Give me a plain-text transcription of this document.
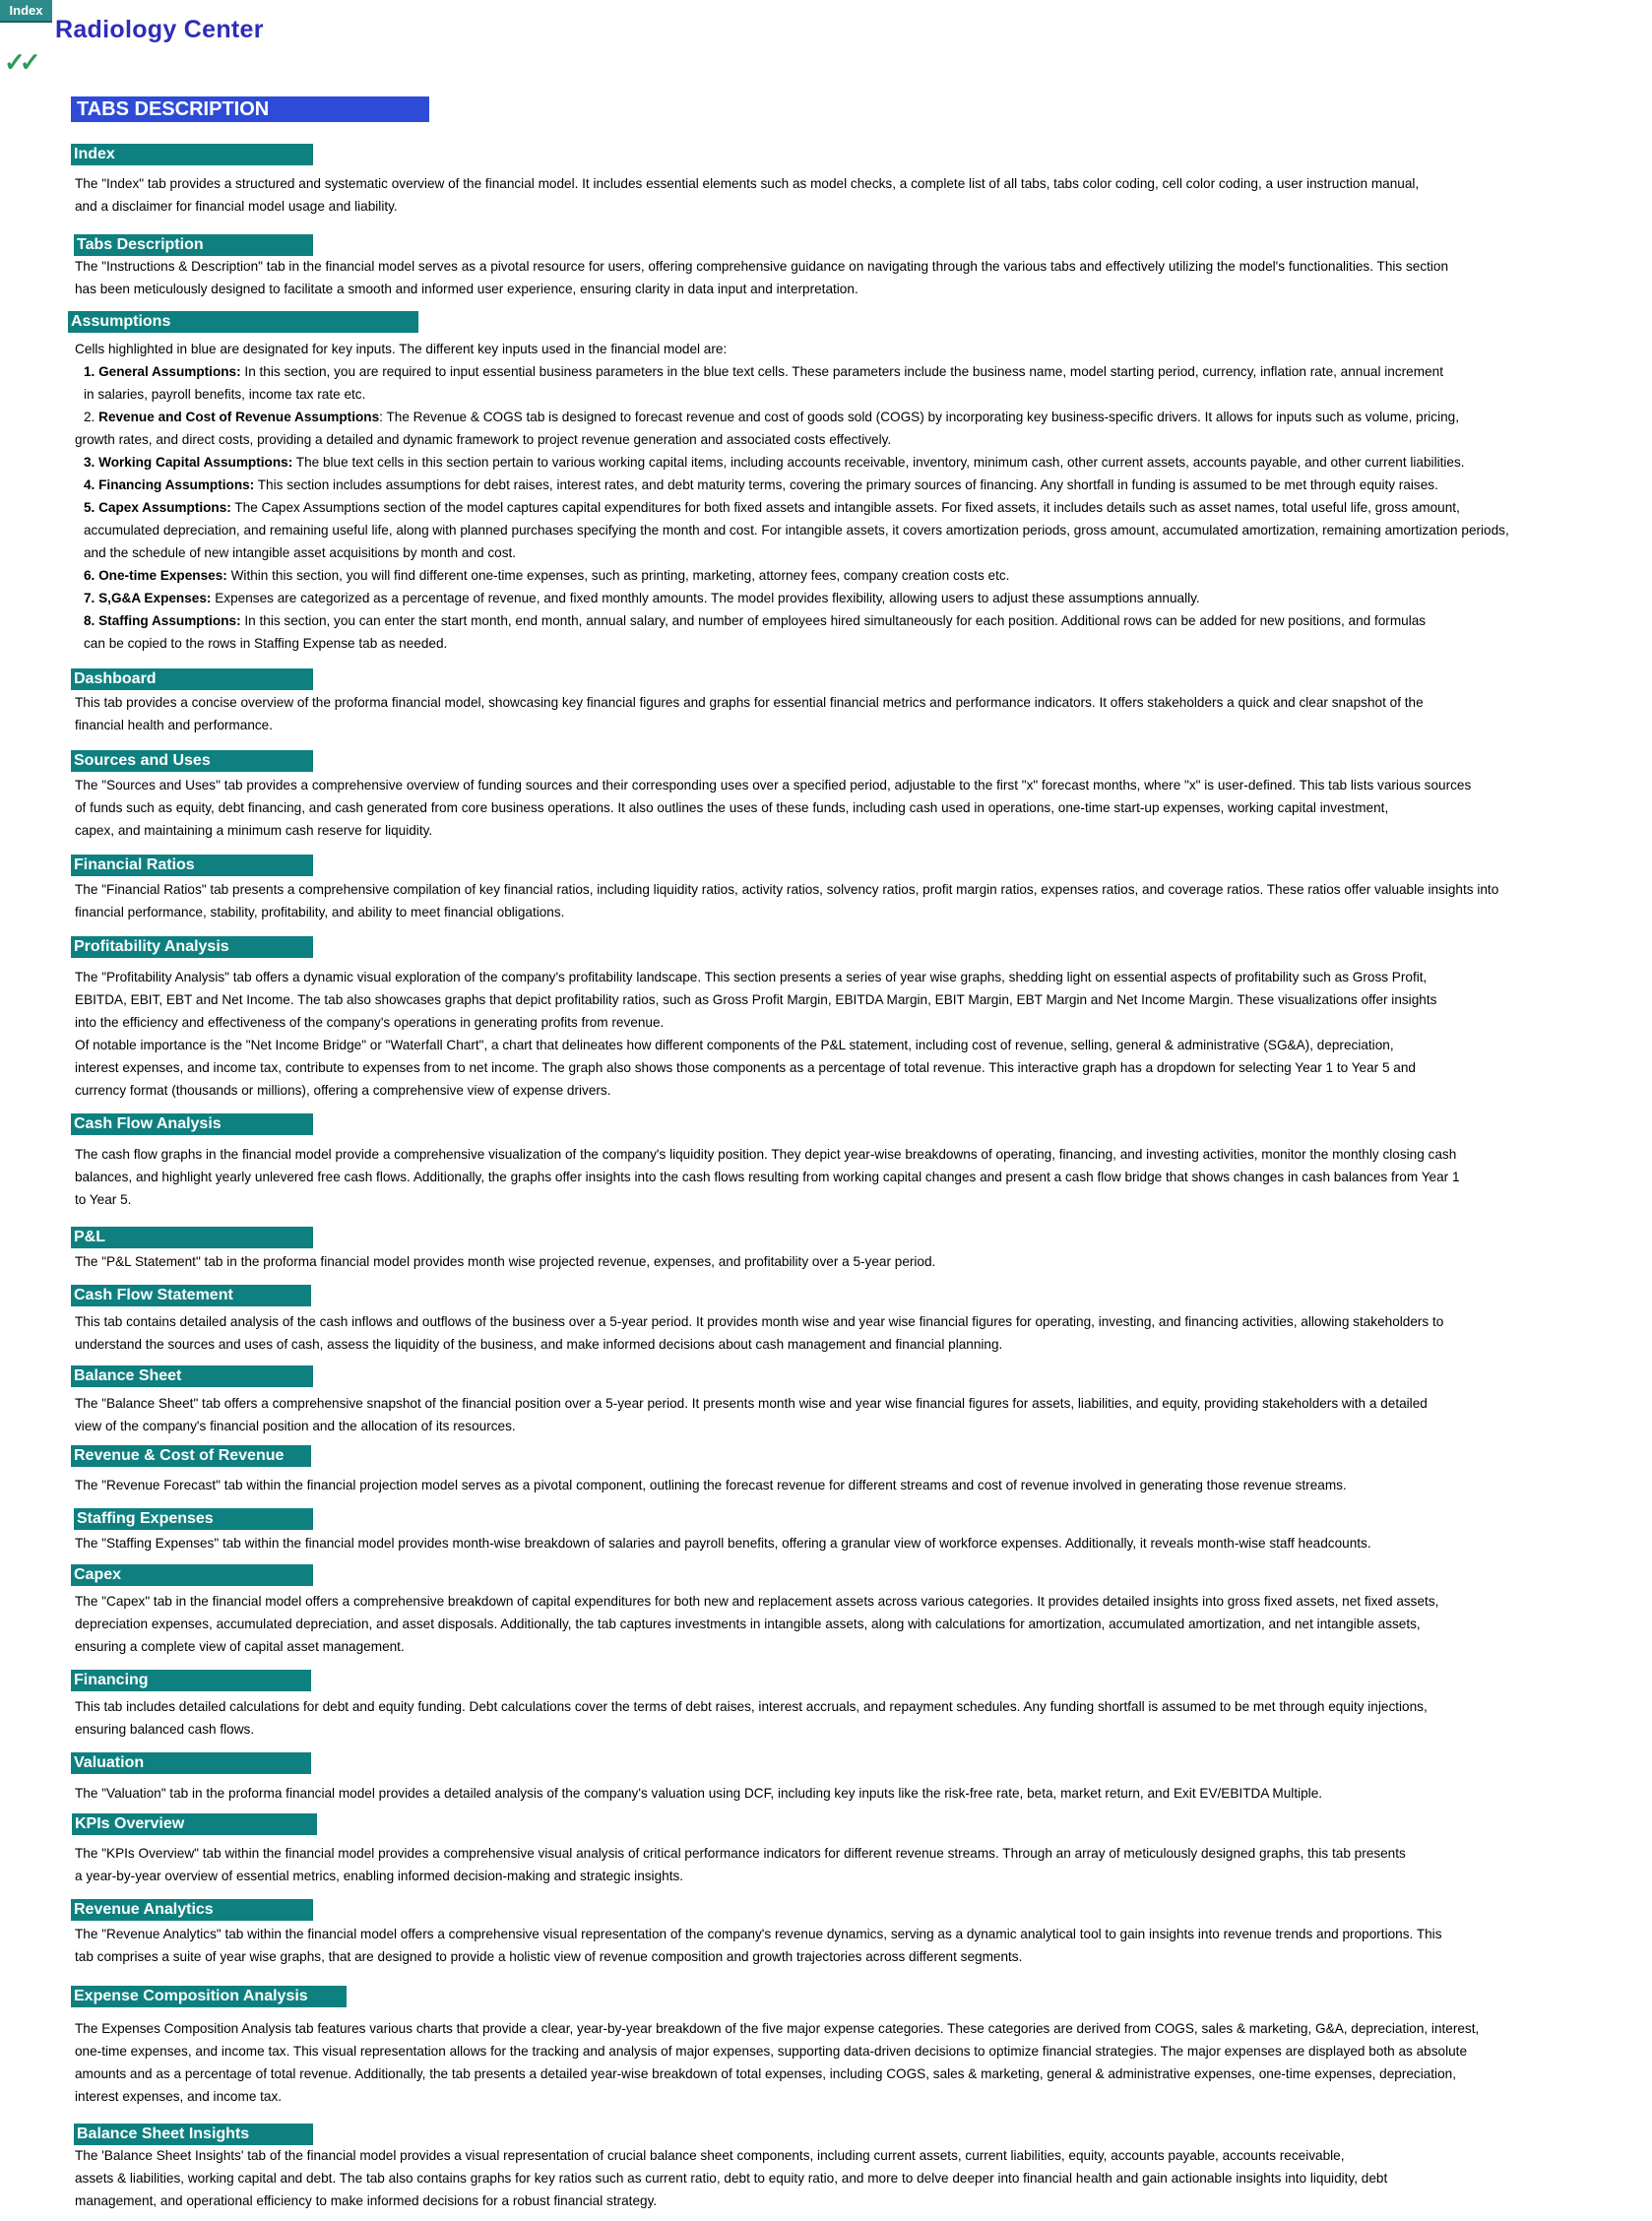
Index
Radiology Center
✓✓
TABS DESCRIPTION
Index
The "Index" tab provides a structured and systematic overview of the financial model. It includes essential elements such as model checks, a complete list of all tabs, tabs color coding, cell color coding, a user instruction manual,
and a disclaimer for financial model usage and liability.
Tabs Description
The "Instructions & Description" tab in the financial model serves as a pivotal resource for users, offering comprehensive guidance on navigating through the various tabs and effectively utilizing the model's functionalities. This section
has been meticulously designed to facilitate a smooth and informed user experience, ensuring clarity in data input and interpretation.
Assumptions
Cells highlighted in blue are designated for key inputs. The different key inputs used in the financial model are:
1. General Assumptions: In this section, you are required to input essential business parameters in the blue text cells. These parameters include the business name, model starting period, currency, inflation rate, annual increment
in salaries, payroll benefits, income tax rate etc.
2. Revenue and Cost of Revenue Assumptions: The Revenue & COGS tab is designed to forecast revenue and cost of goods sold (COGS) by incorporating key business-specific drivers. It allows for inputs such as volume, pricing,
growth rates, and direct costs, providing a detailed and dynamic framework to project revenue generation and associated costs effectively.
3. Working Capital Assumptions: The blue text cells in this section pertain to various working capital items, including accounts receivable, inventory, minimum cash, other current assets, accounts payable, and other current liabilities.
4. Financing Assumptions: This section includes assumptions for debt raises, interest rates, and debt maturity terms, covering the primary sources of financing. Any shortfall in funding is assumed to be met through equity raises.
5. Capex Assumptions: The Capex Assumptions section of the model captures capital expenditures for both fixed assets and intangible assets. For fixed assets, it includes details such as asset names, total useful life, gross amount,
accumulated depreciation, and remaining useful life, along with planned purchases specifying the month and cost. For intangible assets, it covers amortization periods, gross amount, accumulated amortization, remaining amortization periods,
and the schedule of new intangible asset acquisitions by month and cost.
6. One-time Expenses: Within this section, you will find different one-time expenses, such as printing, marketing, attorney fees, company creation costs etc.
7. S,G&A Expenses: Expenses are categorized as a percentage of revenue, and fixed monthly amounts. The model provides flexibility, allowing users to adjust these assumptions annually.
8. Staffing Assumptions: In this section, you can enter the start month, end month, annual salary, and number of employees hired simultaneously for each position. Additional rows can be added for new positions, and formulas
can be copied to the rows in Staffing Expense tab as needed.
Dashboard
This tab provides a concise overview of the proforma financial model, showcasing key financial figures and graphs for essential financial metrics and performance indicators. It offers stakeholders a quick and clear snapshot of the
financial health and performance.
Sources and Uses
The "Sources and Uses" tab provides a comprehensive overview of funding sources and their corresponding uses over a specified period, adjustable to the first "x" forecast months, where "x" is user-defined. This tab lists various sources
of funds such as equity, debt financing, and cash generated from core business operations. It also outlines the uses of these funds, including cash used in operations, one-time start-up expenses, working capital investment,
capex, and maintaining a minimum cash reserve for liquidity.
Financial Ratios
The "Financial Ratios" tab presents a comprehensive compilation of key financial ratios, including liquidity ratios, activity ratios, solvency ratios, profit margin ratios, expenses ratios, and coverage ratios. These ratios offer valuable insights into
financial performance, stability, profitability, and ability to meet financial obligations.
Profitability Analysis
The "Profitability Analysis" tab offers a dynamic visual exploration of the company's profitability landscape. This section presents a series of year wise graphs, shedding light on essential aspects of profitability such as Gross Profit,
EBITDA, EBIT, EBT and Net Income. The tab also showcases graphs that depict profitability ratios, such as Gross Profit Margin, EBITDA Margin, EBIT Margin, EBT Margin and Net Income Margin. These visualizations offer insights
into the efficiency and effectiveness of the company's operations in generating profits from revenue.
Of notable importance is the "Net Income Bridge" or "Waterfall Chart", a chart that delineates how different components of the P&L statement, including cost of revenue, selling, general & administrative (SG&A), depreciation,
interest expenses, and income tax, contribute to expenses from to net income. The graph also shows those components as a percentage of total revenue. This interactive graph has a dropdown for selecting Year 1 to Year 5 and
currency format (thousands or millions), offering a comprehensive view of expense drivers.
Cash Flow Analysis
The cash flow graphs in the financial model provide a comprehensive visualization of the company's liquidity position. They depict year-wise breakdowns of operating, financing, and investing activities, monitor the monthly closing cash
balances, and highlight yearly unlevered free cash flows. Additionally, the graphs offer insights into the cash flows resulting from working capital changes and present a cash flow bridge that shows changes in cash balances from Year 1
to Year 5.
P&L
The "P&L Statement" tab in the proforma financial model provides month wise projected revenue, expenses, and profitability over a 5-year period.
Cash Flow Statement
This tab contains detailed analysis of the cash inflows and outflows of the business over a 5-year period. It provides month wise and year wise financial figures for operating, investing, and financing activities, allowing stakeholders to
understand the sources and uses of cash, assess the liquidity of the business, and make informed decisions about cash management and financial planning.
Balance Sheet
The "Balance Sheet" tab offers a comprehensive snapshot of the financial position over a 5-year period. It presents month wise and year wise financial figures for assets, liabilities, and equity, providing stakeholders with a detailed
view of the company's financial position and the allocation of its resources.
Revenue & Cost of Revenue
The "Revenue Forecast" tab within the financial projection model serves as a pivotal component, outlining the forecast revenue for different streams and cost of revenue involved in generating those revenue streams.
Staffing Expenses
The "Staffing Expenses" tab within the financial model provides month-wise breakdown of salaries and payroll benefits, offering a granular view of workforce expenses. Additionally, it reveals month-wise staff headcounts.
Capex
The "Capex" tab in the financial model offers a comprehensive breakdown of capital expenditures for both new and replacement assets across various categories. It provides detailed insights into gross fixed assets, net fixed assets,
depreciation expenses, accumulated depreciation, and asset disposals. Additionally, the tab captures investments in intangible assets, along with calculations for amortization, accumulated amortization, and net intangible assets,
ensuring a complete view of capital asset management.
Financing
This tab includes detailed calculations for debt and equity funding. Debt calculations cover the terms of debt raises, interest accruals, and repayment schedules. Any funding shortfall is assumed to be met through equity injections,
ensuring balanced cash flows.
Valuation
The "Valuation" tab in the proforma financial model provides a detailed analysis of the company's valuation using DCF, including key inputs like the risk-free rate, beta, market return, and Exit EV/EBITDA Multiple.
KPIs Overview
The "KPIs Overview" tab within the financial model provides a comprehensive visual analysis of critical performance indicators for different revenue streams. Through an array of meticulously designed graphs, this tab presents
a year-by-year overview of essential metrics, enabling informed decision-making and strategic insights.
Revenue Analytics
The "Revenue Analytics" tab within the financial model offers a comprehensive visual representation of the company's revenue dynamics, serving as a dynamic analytical tool to gain insights into revenue trends and proportions. This
tab comprises a suite of year wise graphs, that are designed to provide a holistic view of revenue composition and growth trajectories across different segments.
Expense Composition Analysis
The Expenses Composition Analysis tab features various charts that provide a clear, year-by-year breakdown of the five major expense categories. These categories are derived from COGS, sales & marketing, G&A, depreciation, interest,
one-time expenses, and income tax. This visual representation allows for the tracking and analysis of major expenses, supporting data-driven decisions to optimize financial strategies. The major expenses are displayed both as absolute
amounts and as a percentage of total revenue. Additionally, the tab presents a detailed year-wise breakdown of total expenses, including COGS, sales & marketing, general & administrative expenses, one-time expenses, depreciation,
interest expenses, and income tax.
Balance Sheet Insights
The 'Balance Sheet Insights' tab of the financial model provides a visual representation of crucial balance sheet components, including current assets, current liabilities, equity, accounts payable, accounts receivable,
assets & liabilities, working capital and debt. The tab also contains graphs for key ratios such as current ratio, debt to equity ratio, and more to delve deeper into financial health and gain actionable insights into liquidity, debt
management, and operational efficiency to make informed decisions for a robust financial strategy.
